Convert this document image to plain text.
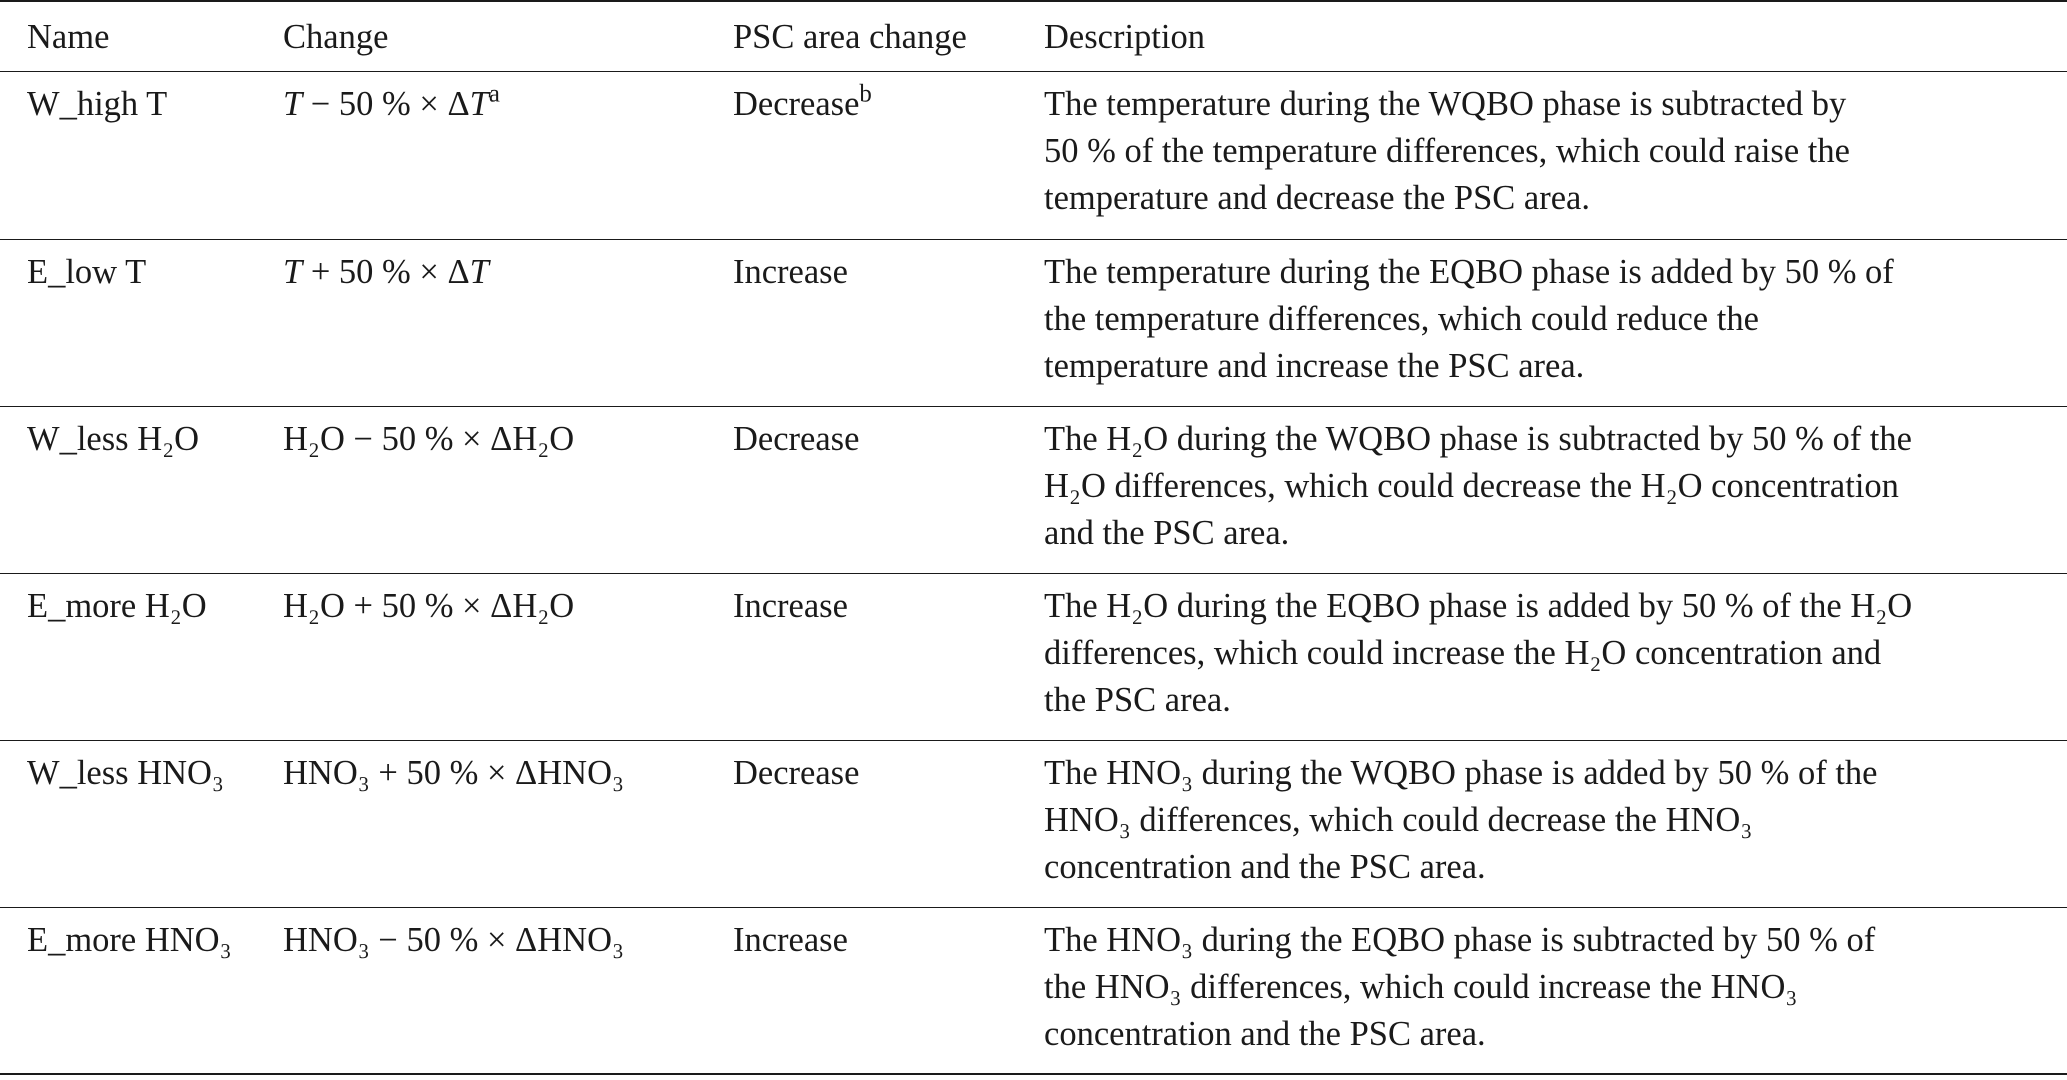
Name	Change	PSC area change	Description
W_high T	T − 50 % × $\Delta T^a$	Decrease$^b$	The temperature during the WQBO phase is subtracted by
50 % of the temperature differences, which could raise the
temperature and decrease the PSC area.

E_low T	T + 50 % × ΔT	Increase	The temperature during the EQBO phase is added by 50 % of
the temperature differences, which could reduce the
temperature and increase the PSC area.

W_less H₂O	H₂O − 50 % × ΔH₂O	Decrease	The H₂O during the WQBO phase is subtracted by 50 % of the
H₂O differences, which could decrease the H₂O concentration
and the PSC area.

E_more H₂O	H₂O + 50 % × ΔH₂O	Increase	The H₂O during the EQBO phase is added by 50 % of the H₂O
differences, which could increase the H₂O concentration and
the PSC area.

W_less HNO₃	HNO₃ + 50 % × ΔHNO₃	Decrease	The HNO₃ during the WQBO phase is added by 50 % of the
HNO₃ differences, which could decrease the HNO₃
concentration and the PSC area.

E_more HNO₃	HNO₃ − 50 % × ΔHNO₃	Increase	The HNO₃ during the EQBO phase is subtracted by 50 % of
the HNO₃ differences, which could increase the HNO₃
concentration and the PSC area.
